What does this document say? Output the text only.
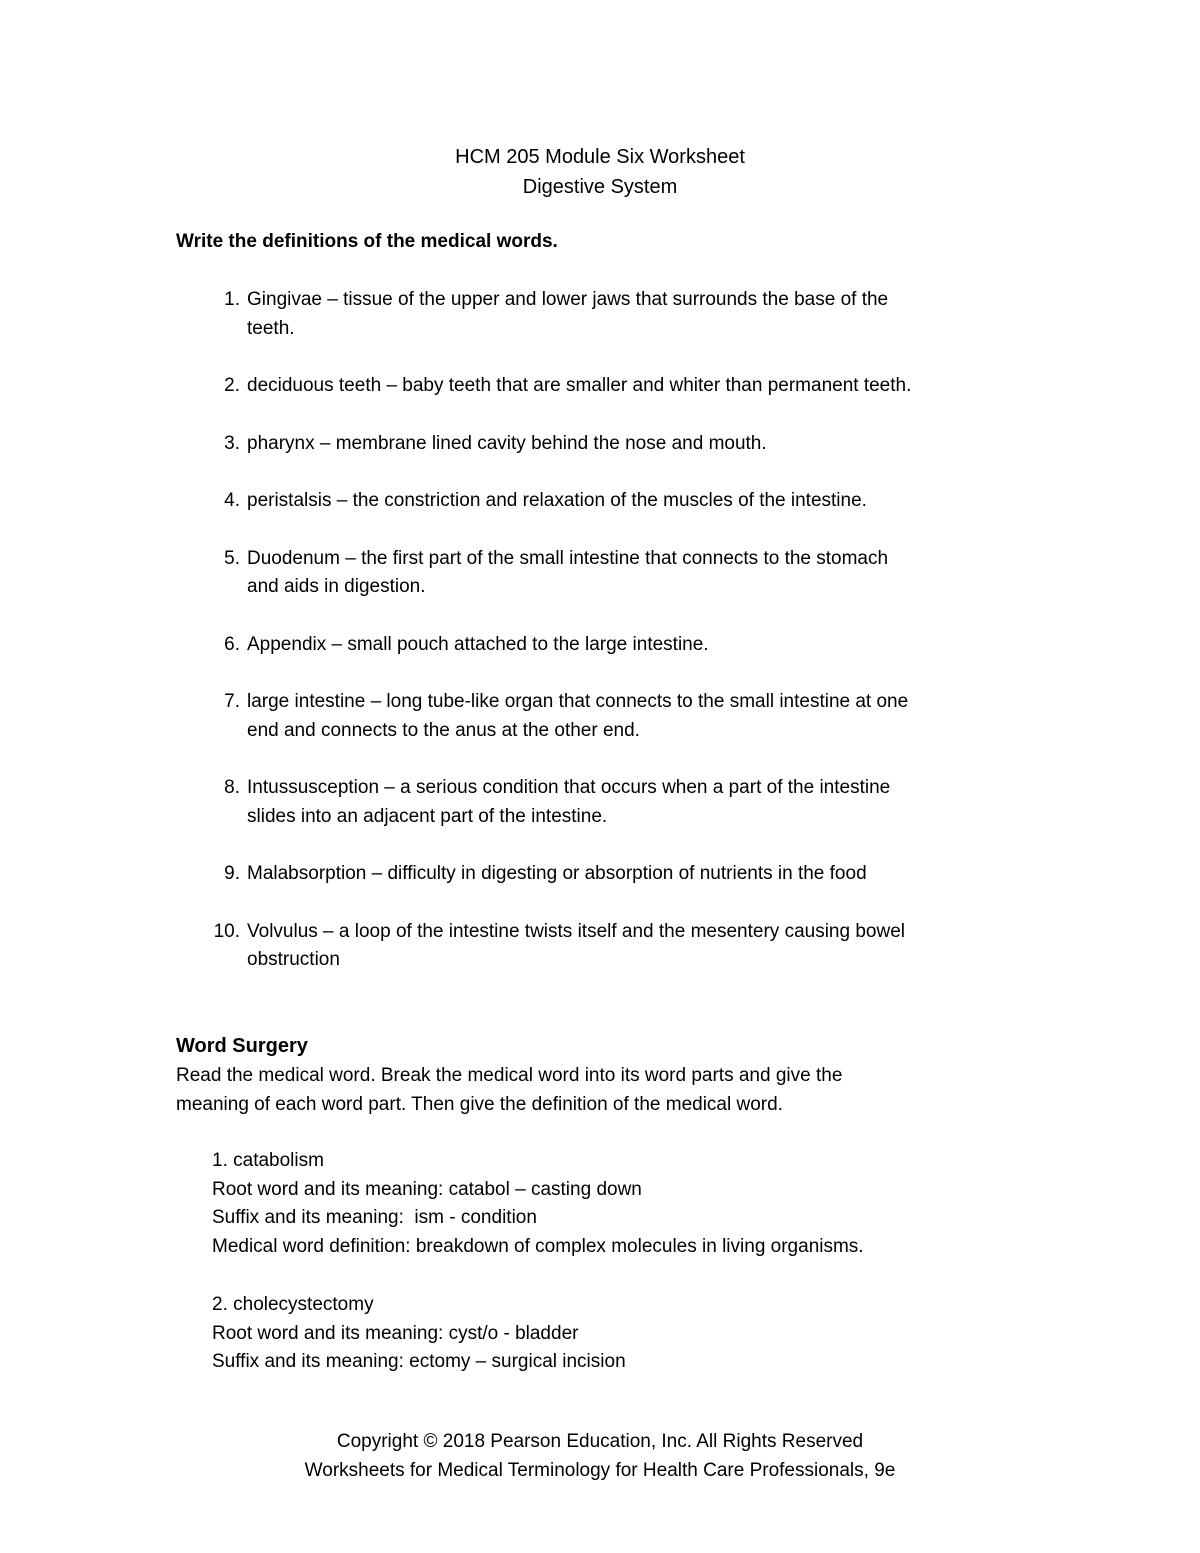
HCM 205 Module Six Worksheet
Digestive System
Write the definitions of the medical words.
1. Gingivae – tissue of the upper and lower jaws that surrounds the base of the
teeth.
2. deciduous teeth – baby teeth that are smaller and whiter than permanent teeth.
3. pharynx – membrane lined cavity behind the nose and mouth.
4. peristalsis – the constriction and relaxation of the muscles of the intestine.
5. Duodenum – the first part of the small intestine that connects to the stomach
and aids in digestion.
6. Appendix – small pouch attached to the large intestine.
7. large intestine – long tube-like organ that connects to the small intestine at one
end and connects to the anus at the other end.
8. Intussusception – a serious condition that occurs when a part of the intestine
slides into an adjacent part of the intestine.
9. Malabsorption – difficulty in digesting or absorption of nutrients in the food
10. Volvulus – a loop of the intestine twists itself and the mesentery causing bowel
obstruction
Word Surgery
Read the medical word. Break the medical word into its word parts and give the
meaning of each word part. Then give the definition of the medical word.
1. catabolism
Root word and its meaning: catabol – casting down
Suffix and its meaning:  ism - condition
Medical word definition: breakdown of complex molecules in living organisms.
2. cholecystectomy
Root word and its meaning: cyst/o - bladder
Suffix and its meaning: ectomy – surgical incision
Copyright © 2018 Pearson Education, Inc. All Rights Reserved
Worksheets for Medical Terminology for Health Care Professionals, 9e
